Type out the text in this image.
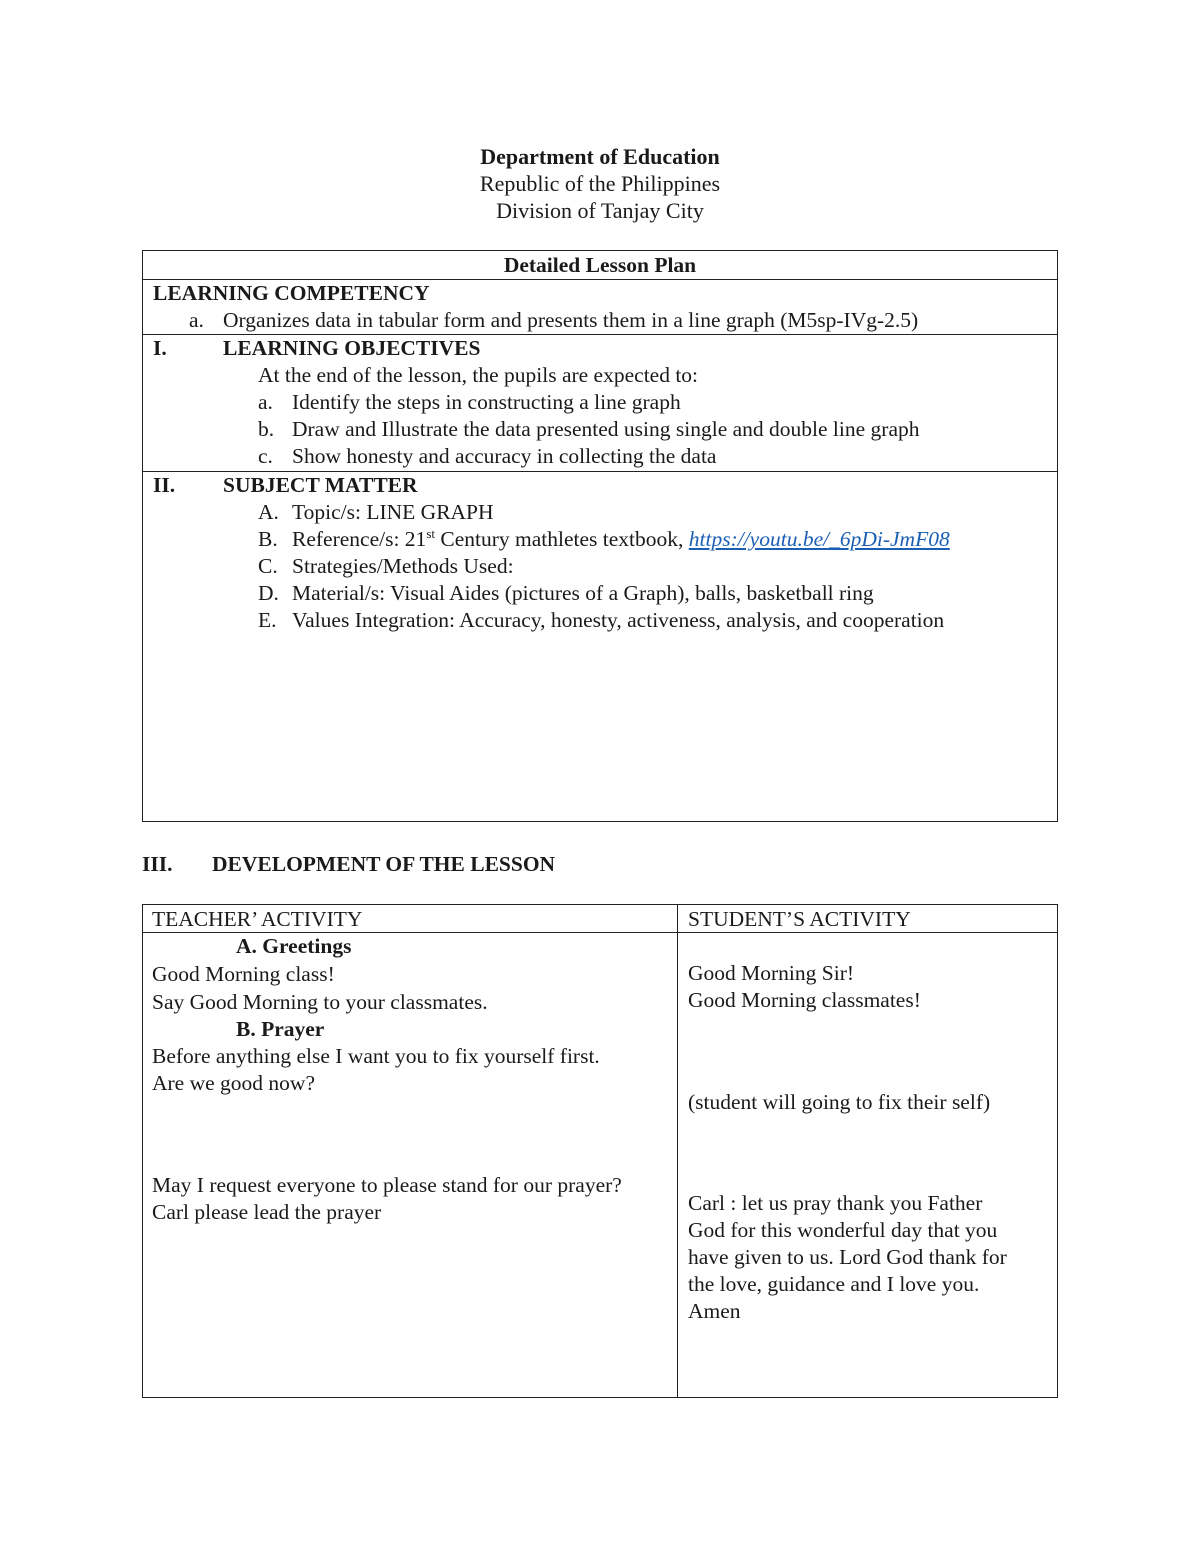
Department of Education
Republic of the Philippines
Division of Tanjay City
Detailed Lesson Plan
LEARNING COMPETENCY
a. Organizes data in tabular form and presents them in a line graph (M5sp-IVg-2.5)
I.	LEARNING OBJECTIVES
At the end of the lesson, the pupils are expected to:
a. Identify the steps in constructing a line graph
b. Draw and Illustrate the data presented using single and double line graph
c. Show honesty and accuracy in collecting the data
II. SUBJECT MATTER
A. Topic/s: LINE GRAPH
B. Reference/s: 21st Century mathletes textbook, https://youtu.be/_6pDi-JmF08
C. Strategies/Methods Used:
D. Material/s: Visual Aides (pictures of a Graph), balls, basketball ring
E. Values Integration: Accuracy, honesty, activeness, analysis, and cooperation
III. DEVELOPMENT OF THE LESSON
TEACHER’ ACTIVITY	STUDENT’S ACTIVITY
A. Greetings
Good Morning class!
Say Good Morning to your classmates.
B. Prayer
Before anything else I want you to fix yourself first.
Are we good now?
May I request everyone to please stand for our prayer?
Carl please lead the prayer
Good Morning Sir!
Good Morning classmates!
(student will going to fix their self)
Carl : let us pray thank you Father
God for this wonderful day that you
have given to us. Lord God thank for
the love, guidance and I love you.
Amen
